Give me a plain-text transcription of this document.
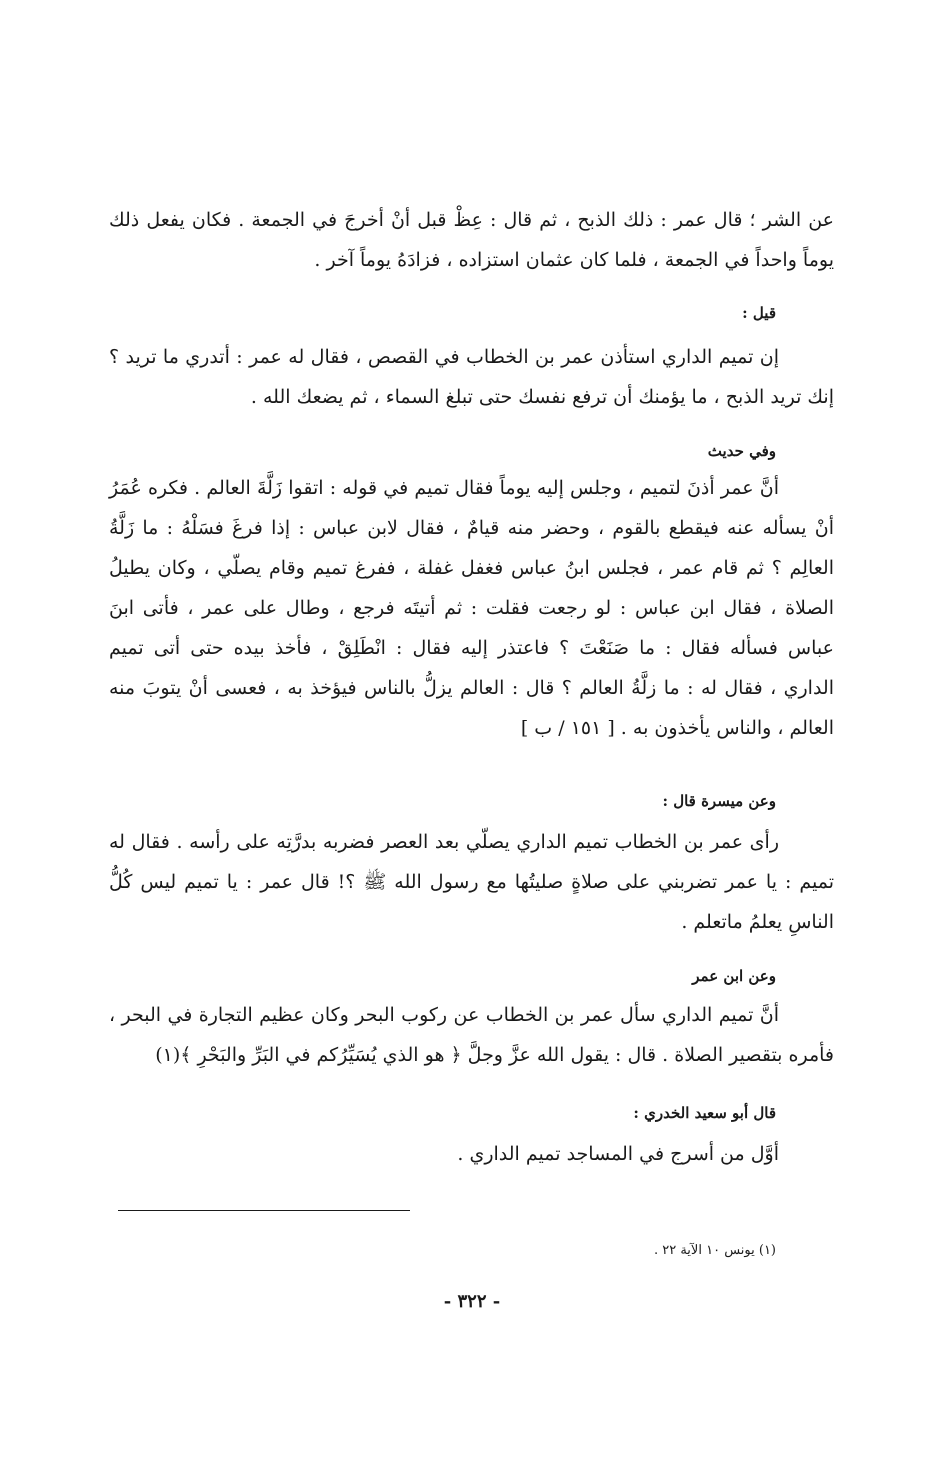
عن الشر ؛ قال عمر : ذلك الذبح ، ثم قال : عِظْ قبل أنْ أخرجَ في الجمعة . فكان يفعل ذلك
يوماً واحداً في الجمعة ، فلما كان عثمان استزاده ، فزادَهُ يوماً آخر .
قيل :
إن تميم الداري استأذن عمر بن الخطاب في القصص ، فقال له عمر : أتدري ما تريد ؟
إنك تريد الذبح ، ما يؤمنك أن ترفع نفسك حتى تبلغ السماء ، ثم يضعك الله .
وفي حديث
أنَّ عمر أذنَ لتميم ، وجلس إليه يوماً فقال تميم في قوله : اتقوا زَلَّةَ العالم . فكره عُمَرُ
أنْ يسأله عنه فيقطع بالقوم ، وحضر منه قيامٌ ، فقال لابن عباس : إذا فرغَ فسَلْهُ : ما زَلَّةُ
العالِم ؟ ثم قام عمر ، فجلس ابنُ عباس فغفل غفلة ، ففرغ تميم وقام يصلّي ، وكان يطيلُ
الصلاة ، فقال ابن عباس : لو رجعت فقلت : ثم أتيتَه فرجع ، وطال على عمر ، فأتى ابنَ
عباس فسأله فقال : ما صَنَعْتَ ؟ فاعتذر إليه فقال : انْطَلِقْ ، فأخذ بيده حتى أتى تميم
الداري ، فقال له : ما زلَّةُ العالم ؟ قال : العالم يزلُّ بالناس فيؤخذ به ، فعسى أنْ يتوبَ منه
العالم ، والناس يأخذون به . [ ١٥١ / ب ]
وعن ميسرة قال :
رأى عمر بن الخطاب تميم الداري يصلّي بعد العصر فضربه بدرَّتِه على رأسه . فقال له
تميم : يا عمر تضربني على صلاةٍ صليتُها مع رسول الله ﷺ ؟! قال عمر : يا تميم ليس كُلُّ
الناسِ يعلمُ ماتعلم .
وعن ابن عمر
أنَّ تميم الداري سأل عمر بن الخطاب عن ركوب البحر وكان عظيم التجارة في البحر ،
فأمره بتقصير الصلاة . قال : يقول الله عزَّ وجلَّ ﴿ هو الذي يُسَيِّرُكم في البَرِّ والبَحْرِ ﴾(١)
قال أبو سعيد الخدري :
أوَّل من أسرج في المساجد تميم الداري .
(١) يونس ١٠ الآية ٢٢ .
- ٣٢٢ -
